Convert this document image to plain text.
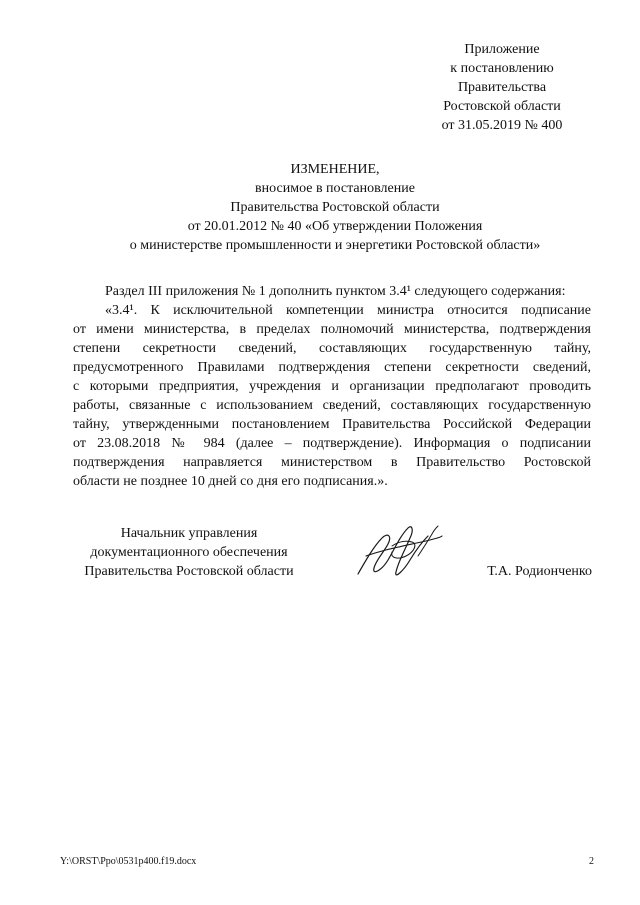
Приложение
к постановлению
Правительства
Ростовской области
от 31.05.2019 № 400
ИЗМЕНЕНИЕ,
вносимое в постановление
Правительства Ростовской области
от 20.01.2012 № 40 «Об утверждении Положения
о министерстве промышленности и энергетики Ростовской области»
Раздел III приложения № 1 дополнить пунктом 3.4¹ следующего содержания:
«3.4¹. К исключительной компетенции министра относится подписание
от имени министерства, в пределах полномочий министерства, подтверждения
степени секретности сведений, составляющих государственную тайну,
предусмотренного Правилами подтверждения степени секретности сведений,
с которыми предприятия, учреждения и организации предполагают проводить
работы, связанные с использованием сведений, составляющих государственную
тайну, утвержденными постановлением Правительства Российской Федерации
от 23.08.2018 № 984 (далее – подтверждение). Информация о подписании
подтверждения направляется министерством в Правительство Ростовской
области не позднее 10 дней со дня его подписания.».
Начальник управления
документационного обеспечения
Правительства Ростовской области	Т.А. Родионченко
Y:\ORST\Ppo\0531p400.f19.docx	2
